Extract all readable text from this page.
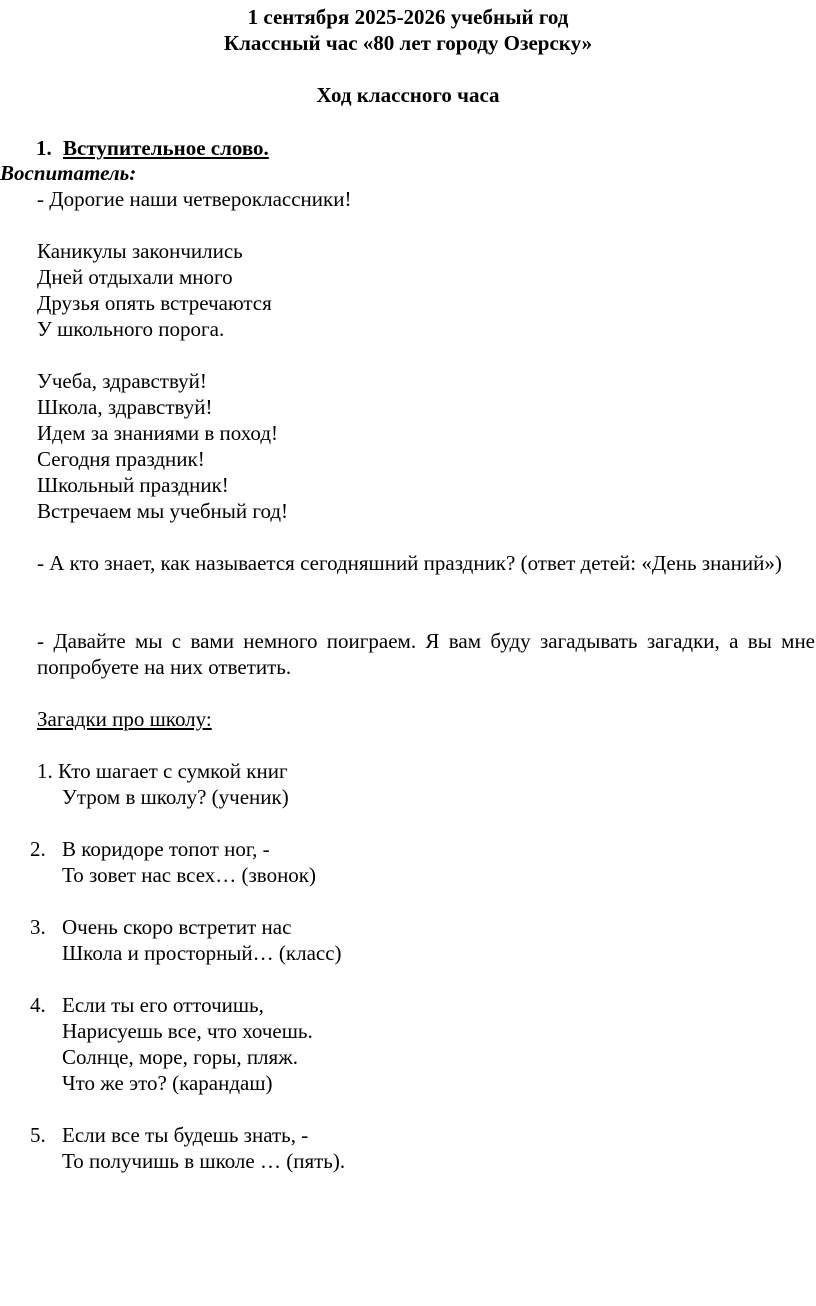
1 сентября 2025-2026 учебный год
Классный час «80 лет городу Озерску»
Ход классного часа
1. Вступительное слово.
Воспитатель:
- Дорогие наши четвероклассники!
Каникулы закончились
Дней отдыхали много
Друзья опять встречаются
У школьного порога.
Учеба, здравствуй!
Школа, здравствуй!
Идем за знаниями в поход!
Сегодня праздник!
Школьный праздник!
Встречаем мы учебный год!
- А кто знает, как называется сегодняшний праздник? (ответ детей: «День знаний»)
- Давайте мы с вами немного поиграем. Я вам буду загадывать загадки, а вы мне попробуете на них ответить.
Загадки про школу:
1. Кто шагает с сумкой книг
Утром в школу? (ученик)
2. В коридоре топот ног, -
То зовет нас всех… (звонок)
3. Очень скоро встретит нас
Школа и просторный… (класс)
4. Если ты его отточишь,
Нарисуешь все, что хочешь.
Солнце, море, горы, пляж.
Что же это? (карандаш)
5. Если все ты будешь знать, -
То получишь в школе … (пять).
